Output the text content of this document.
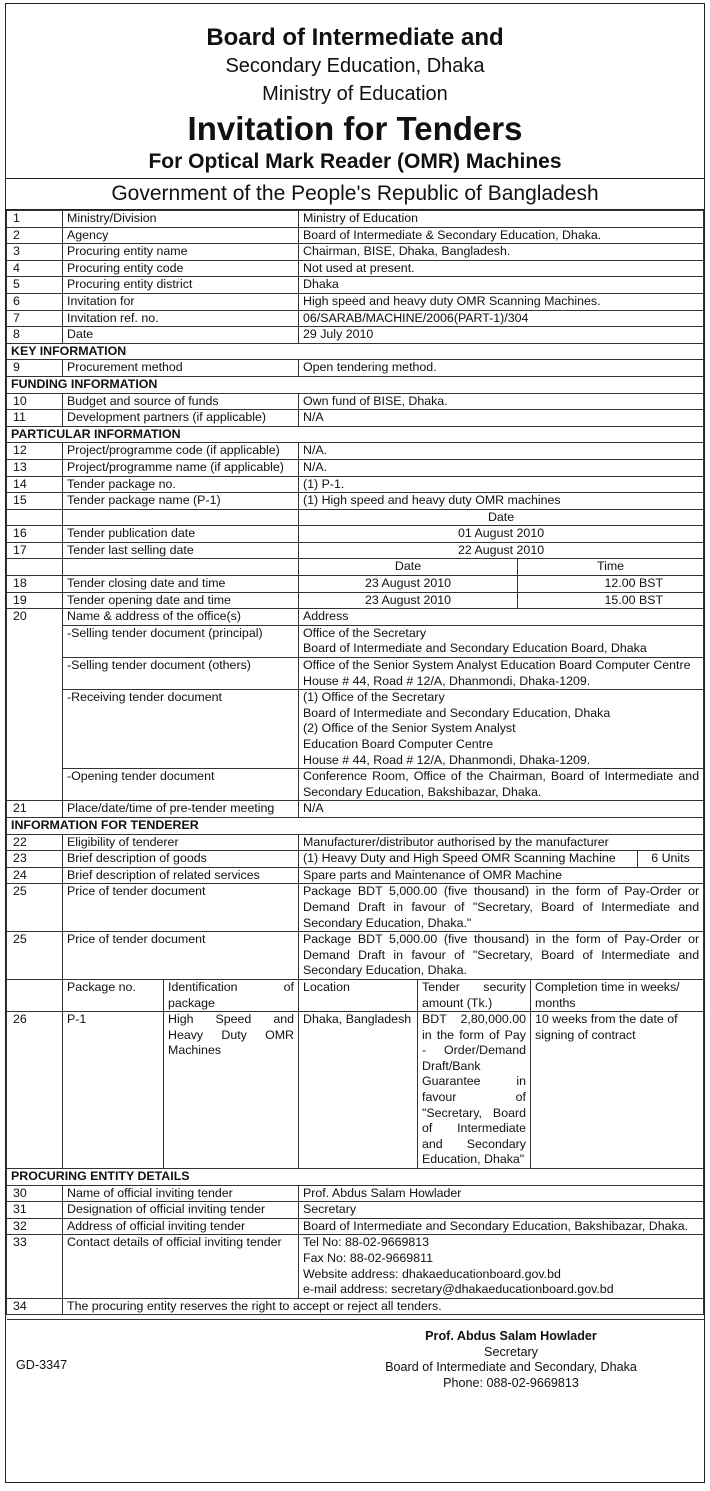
Board of Intermediate and
Secondary Education, Dhaka
Ministry of Education
Invitation for Tenders
For Optical Mark Reader (OMR) Machines
Government of the People's Republic of Bangladesh
1	Ministry/Division		Ministry of Education				
2	Agency		Board of Intermediate & Secondary Education, Dhaka.				
3	Procuring entity name		Chairman, BISE, Dhaka, Bangladesh.				
4	Procuring entity code		Not used at present.				
5	Procuring entity district		Dhaka				
6	Invitation for		High speed and heavy duty OMR Scanning Machines.				
7	Invitation ref. no.		06/SARAB/MACHINE/2006(PART-1)/304				
8	Date		29 July 2010				
KEY INFORMATION							
9	Procurement method		Open tendering method.				
FUNDING INFORMATION							
10	Budget and source of funds		Own fund of BISE, Dhaka.				
11	Development partners (if applicable)		N/A				
PARTICULAR INFORMATION							
12	Project/programme code (if applicable)		N/A.				
13	Project/programme name (if applicable)		N/A.				
14	Tender package no.		(1) P-1.				
15	Tender package name (P-1)		(1) High speed and heavy duty OMR machines				
			Date				
16	Tender publication date		01 August 2010				
17	Tender last selling date		22 August 2010				
			Date		Time		
18	Tender closing date and time		23 August 2010		12.00 BST		
19	Tender opening date and time		23 August 2010		15.00 BST		
20	Name & address of the office(s)		Address				
	-Selling tender document (principal)		Office of the Secretary
Board of Intermediate and Secondary Education Board, Dhaka				
	-Selling tender document (others)		Office of the Senior System Analyst Education Board Computer Centre
House # 44, Road # 12/A, Dhanmondi, Dhaka-1209.				
	-Receiving tender document		(1) Office of the Secretary
Board of Intermediate and Secondary Education, Dhaka
(2) Office of the Senior System Analyst
Education Board Computer Centre
House # 44, Road # 12/A, Dhanmondi, Dhaka-1209.				
	-Opening tender document		Conference Room, Office of the Chairman, Board of Intermediate and Secondary Education, Bakshibazar, Dhaka.				
21	Place/date/time of pre-tender meeting		N/A				
INFORMATION FOR TENDERER							
22	Eligibility of tenderer		Manufacturer/distributor authorised by the manufacturer				
23	Brief description of goods		(1) Heavy Duty and High Speed OMR Scanning Machine				6 Units
24	Brief description of related services		Spare parts and Maintenance of OMR Machine				
25	Price of tender document		Package BDT 5,000.00 (five thousand) in the form of Pay-Order or Demand Draft in favour of "Secretary, Board of Intermediate and Secondary Education, Dhaka."				
25	Price of tender document		Package BDT 5,000.00 (five thousand) in the form of Pay-Order or Demand Draft in favour of "Secretary, Board of Intermediate and Secondary Education, Dhaka.				
	Package no.	Identification of package	Location	Tender security amount (Tk.)		Completion time in weeks/ months	
26	P-1	High Speed and Heavy Duty OMR Machines	Dhaka, Bangladesh	BDT 2,80,000.00 in the form of Pay - Order/Demand Draft/Bank Guarantee in favour of "Secretary, Board of Intermediate and Secondary Education, Dhaka"		10 weeks from the date of signing of contract	
PROCURING ENTITY DETAILS							
30	Name of official inviting tender		Prof. Abdus Salam Howlader				
31	Designation of official inviting tender		Secretary				
32	Address of official inviting tender		Board of Intermediate and Secondary Education, Bakshibazar, Dhaka.				
33	Contact details of official inviting tender		Tel No: 88-02-9669813
Fax No: 88-02-9669811
Website address: dhakaeducationboard.gov.bd
e-mail address: secretary@dhakaeducationboard.gov.bd				
34	The procuring entity reserves the right to accept or reject all tenders.						

GD-3347
Prof. Abdus Salam Howlader
Secretary
Board of Intermediate and Secondary, Dhaka
Phone: 088-02-9669813
